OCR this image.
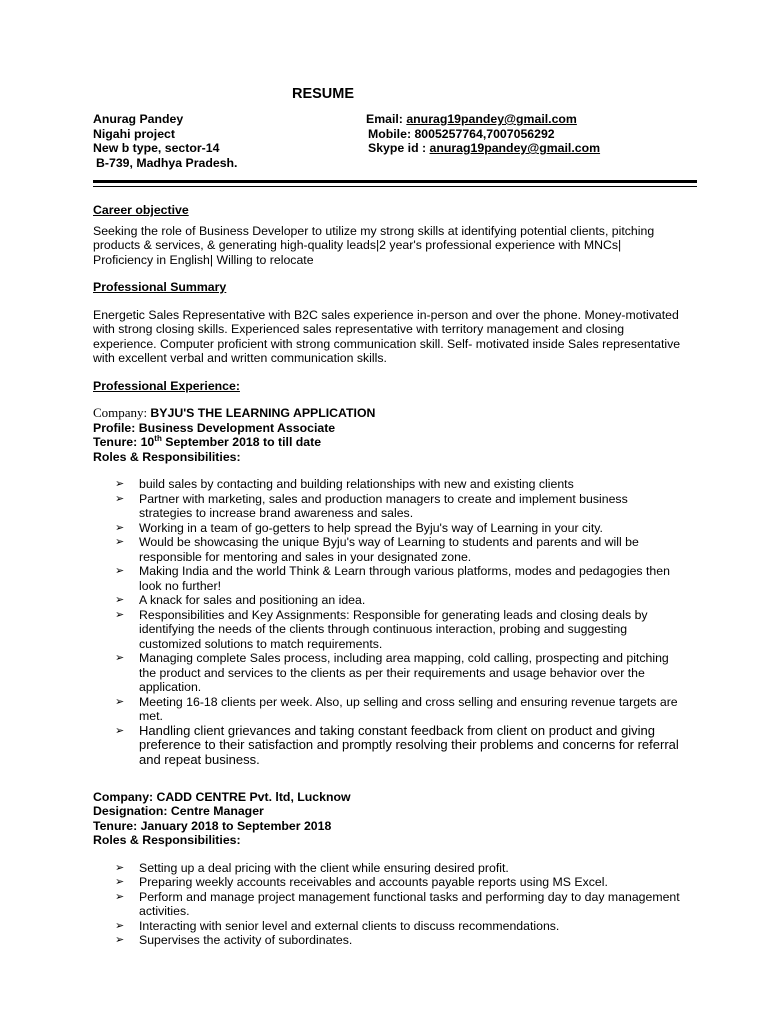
RESUME
Anurag Pandey
Nigahi project
New b type, sector-14
B-739, Madhya Pradesh.
Email: anurag19pandey@gmail.com
Mobile: 8005257764,7007056292
Skype id : anurag19pandey@gmail.com

Career objective

Seeking the role of Business Developer to utilize my strong skills at identifying potential clients, pitching products & services, & generating high-quality leads|2 year's professional experience with MNCs| Proficiency in English| Willing to relocate

Professional Summary

Energetic Sales Representative with B2C sales experience in-person and over the phone. Money-motivated with strong closing skills. Experienced sales representative with territory management and closing experience. Computer proficient with strong communication skill. Self- motivated inside Sales representative with excellent verbal and written communication skills.

Professional Experience:

Company: BYJU'S THE LEARNING APPLICATION
Profile: Business Development Associate
Tenure: 10th September 2018 to till date
Roles & Responsibilities:
➢ build sales by contacting and building relationships with new and existing clients
➢ Partner with marketing, sales and production managers to create and implement business strategies to increase brand awareness and sales.
➢ Working in a team of go-getters to help spread the Byju's way of Learning in your city.
➢ Would be showcasing the unique Byju's way of Learning to students and parents and will be responsible for mentoring and sales in your designated zone.
➢ Making India and the world Think & Learn through various platforms, modes and pedagogies then look no further!
➢ A knack for sales and positioning an idea.
➢ Responsibilities and Key Assignments: Responsible for generating leads and closing deals by identifying the needs of the clients through continuous interaction, probing and suggesting customized solutions to match requirements.
➢ Managing complete Sales process, including area mapping, cold calling, prospecting and pitching the product and services to the clients as per their requirements and usage behavior over the application.
➢ Meeting 16-18 clients per week. Also, up selling and cross selling and ensuring revenue targets are met.
➢ Handling client grievances and taking constant feedback from client on product and giving preference to their satisfaction and promptly resolving their problems and concerns for referral and repeat business.
Company: CADD CENTRE Pvt. ltd, Lucknow
Designation: Centre Manager
Tenure: January 2018 to September 2018
Roles & Responsibilities:
➢ Setting up a deal pricing with the client while ensuring desired profit.
➢ Preparing weekly accounts receivables and accounts payable reports using MS Excel.
➢ Perform and manage project management functional tasks and performing day to day management activities.
➢ Interacting with senior level and external clients to discuss recommendations.
➢ Supervises the activity of subordinates.
